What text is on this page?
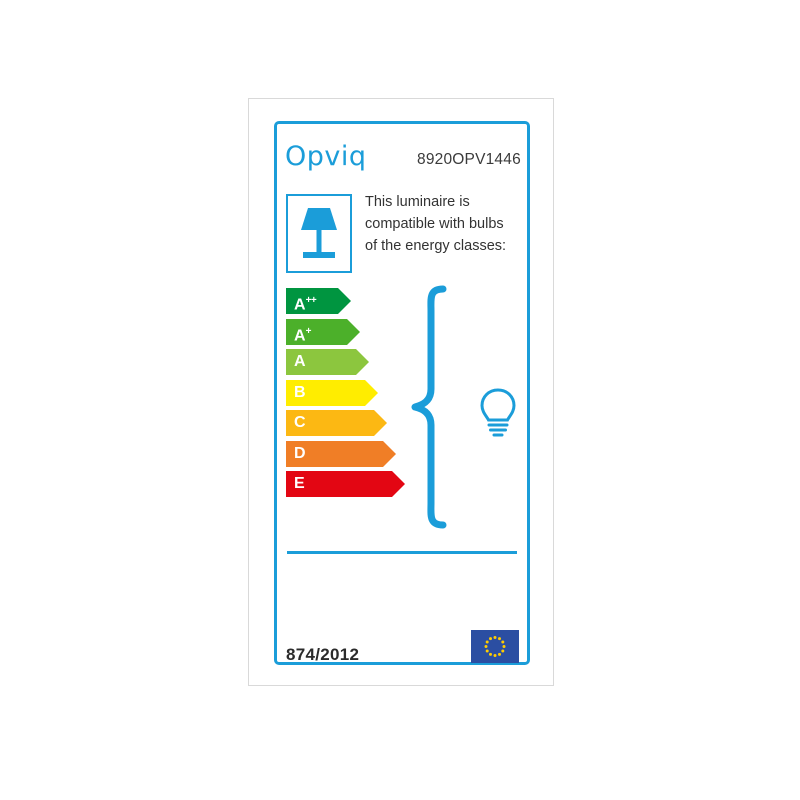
Opviq	8920OPV1446
This luminaire is compatible with bulbs of the energy classes:
A++
A+
A
B
C
D
E
874/2012
